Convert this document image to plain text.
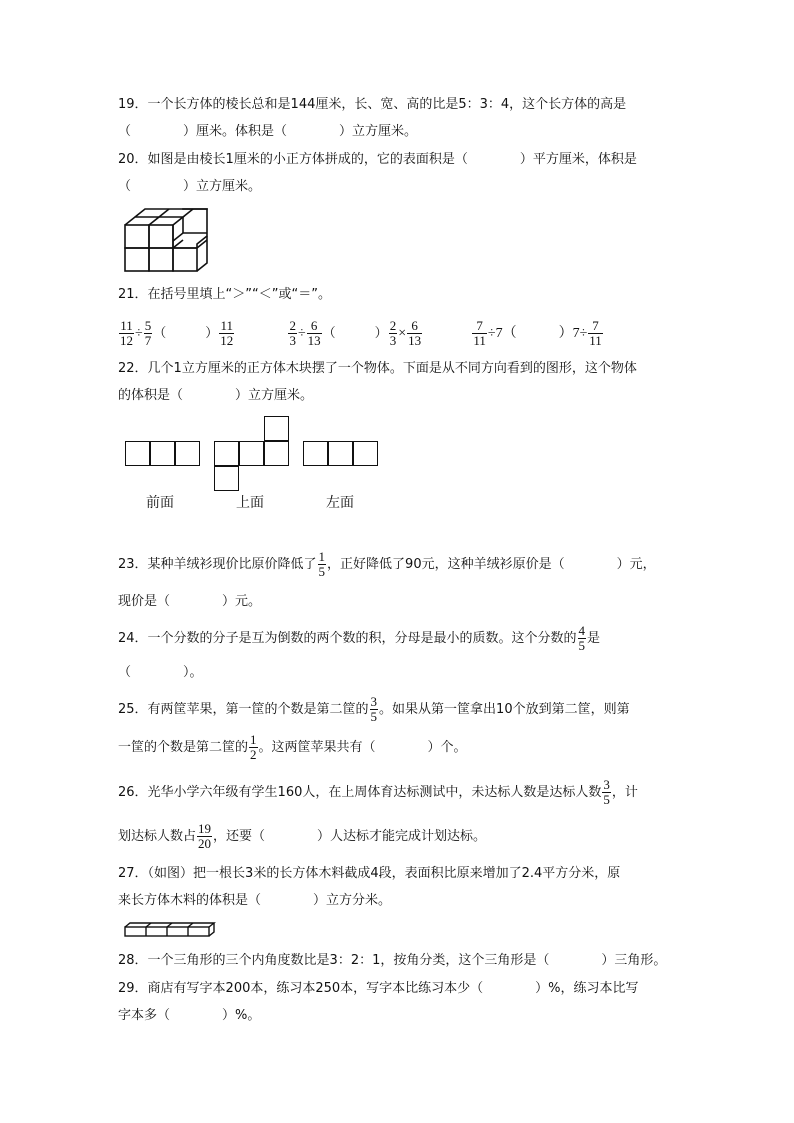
19．一个长方体的棱长总和是144厘米，长、宽、高的比是5：3：4，这个长方体的高是
（　　　　）厘米。体积是（　　　　）立方厘米。
20．如图是由棱长1厘米的小正方体拼成的，它的表面积是（　　　　）平方厘米，体积是
（　　　　）立方厘米。
21．在括号里填上“＞”“＜”或“＝”。
$\frac{11}{12} \div \frac{5}{7}$ （　　　） $\frac{11}{12}$
	$\frac{2}{3} \div \frac{6}{13}$ （　　　） $\frac{2}{3} \times \frac{6}{13}$
	$\frac{7}{11} \div 7$（　　　）$7\div \frac{7}{11}$
22．几个1立方厘米的正方体木块摆了一个物体。下面是从不同方向看到的图形，这个物体
的体积是（　　　　）立方厘米。
前面	上面	左面
23．某种羊绒衫现价比原价降低了 $\frac{1}{5}$ ，正好降低了90元，这种羊绒衫原价是（　　　　）元，
现价是（　　　　）元。
24．一个分数的分子是互为倒数的两个数的积，分母是最小的质数。这个分数的 $\frac{4}{5}$ 是
（　　　　）。
25．有两筐苹果，第一筐的个数是第二筐的 $\frac{3}{5}$ 。如果从第一筐拿出10个放到第二筐，则第
一筐的个数是第二筐的 $\frac{1}{2}$ 。这两筐苹果共有（　　　　）个。
26．光华小学六年级有学生160人，在上周体育达标测试中，未达标人数是达标人数 $\frac{3}{5}$ ，计
划达标人数占 $\frac{19}{20}$ ，还要（　　　　）人达标才能完成计划达标。
27．（如图）把一根长3米的长方体木料截成4段，表面积比原来增加了2.4平方分米，原
来长方体木料的体积是（　　　　）立方分米。
28．一个三角形的三个内角度数比是3：2：1，按角分类，这个三角形是（　　　　）三角形。
29．商店有写字本200本，练习本250本，写字本比练习本少（　　　　）%，练习本比写
字本多（　　　　）%。
